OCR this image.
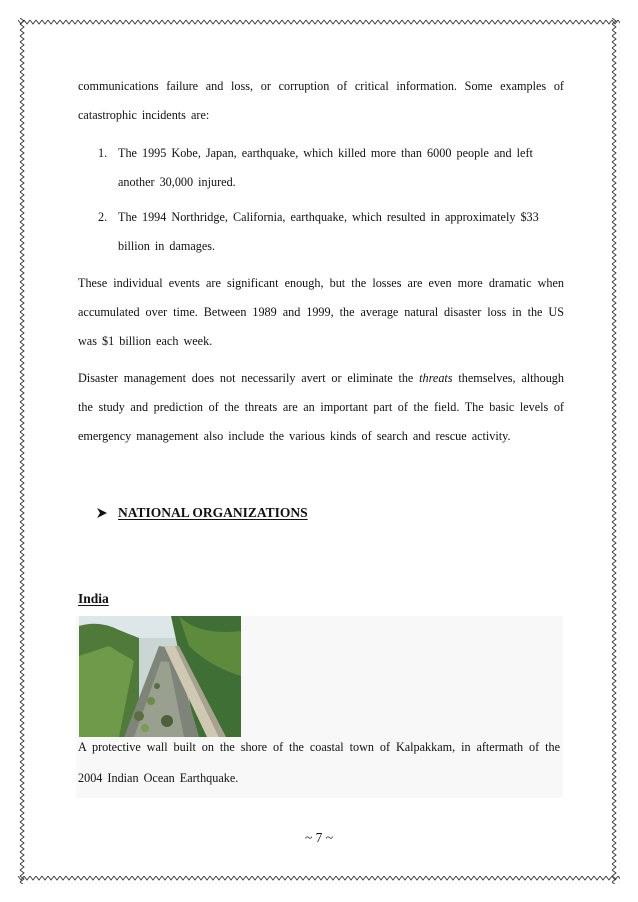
communications failure and loss, or corruption of critical information. Some examples of catastrophic incidents are:

1. The 1995 Kobe, Japan, earthquake, which killed more than 6000 people and left
another 30,000 injured.
2. The 1994 Northridge, California, earthquake, which resulted in approximately $33
billion in damages.

These individual events are significant enough, but the losses are even more dramatic when accumulated over time. Between 1989 and 1999, the average natural disaster loss in the US was $1 billion each week.

Disaster management does not necessarily avert or eliminate the threats themselves, although the study and prediction of the threats are an important part of the field. The basic levels of emergency management also include the various kinds of search and rescue activity.

NATIONAL ORGANIZATIONS
India
A protective wall built on the shore of the coastal town of Kalpakkam, in aftermath of the 2004 Indian Ocean Earthquake.
~ 7 ~
